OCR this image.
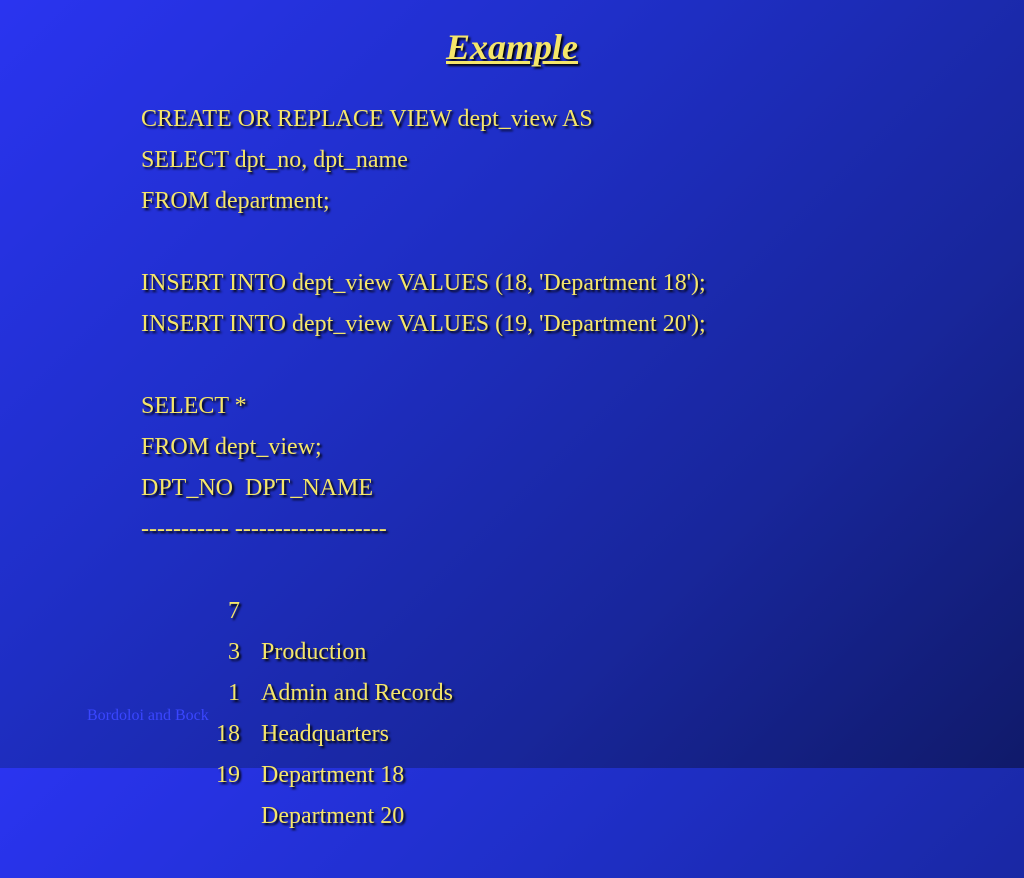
Example
CREATE OR REPLACE VIEW dept_view AS
SELECT dpt_no, dpt_name
FROM department;
INSERT INTO dept_view VALUES (18, 'Department 18');
INSERT INTO dept_view VALUES (19, 'Department 20');
SELECT *
FROM dept_view;
DPT_NO  DPT_NAME
----------- -------------------

7

Production

3

Admin and Records

1

Headquarters

18

Department 18

19

Department 20

Bordoloi and Bock
